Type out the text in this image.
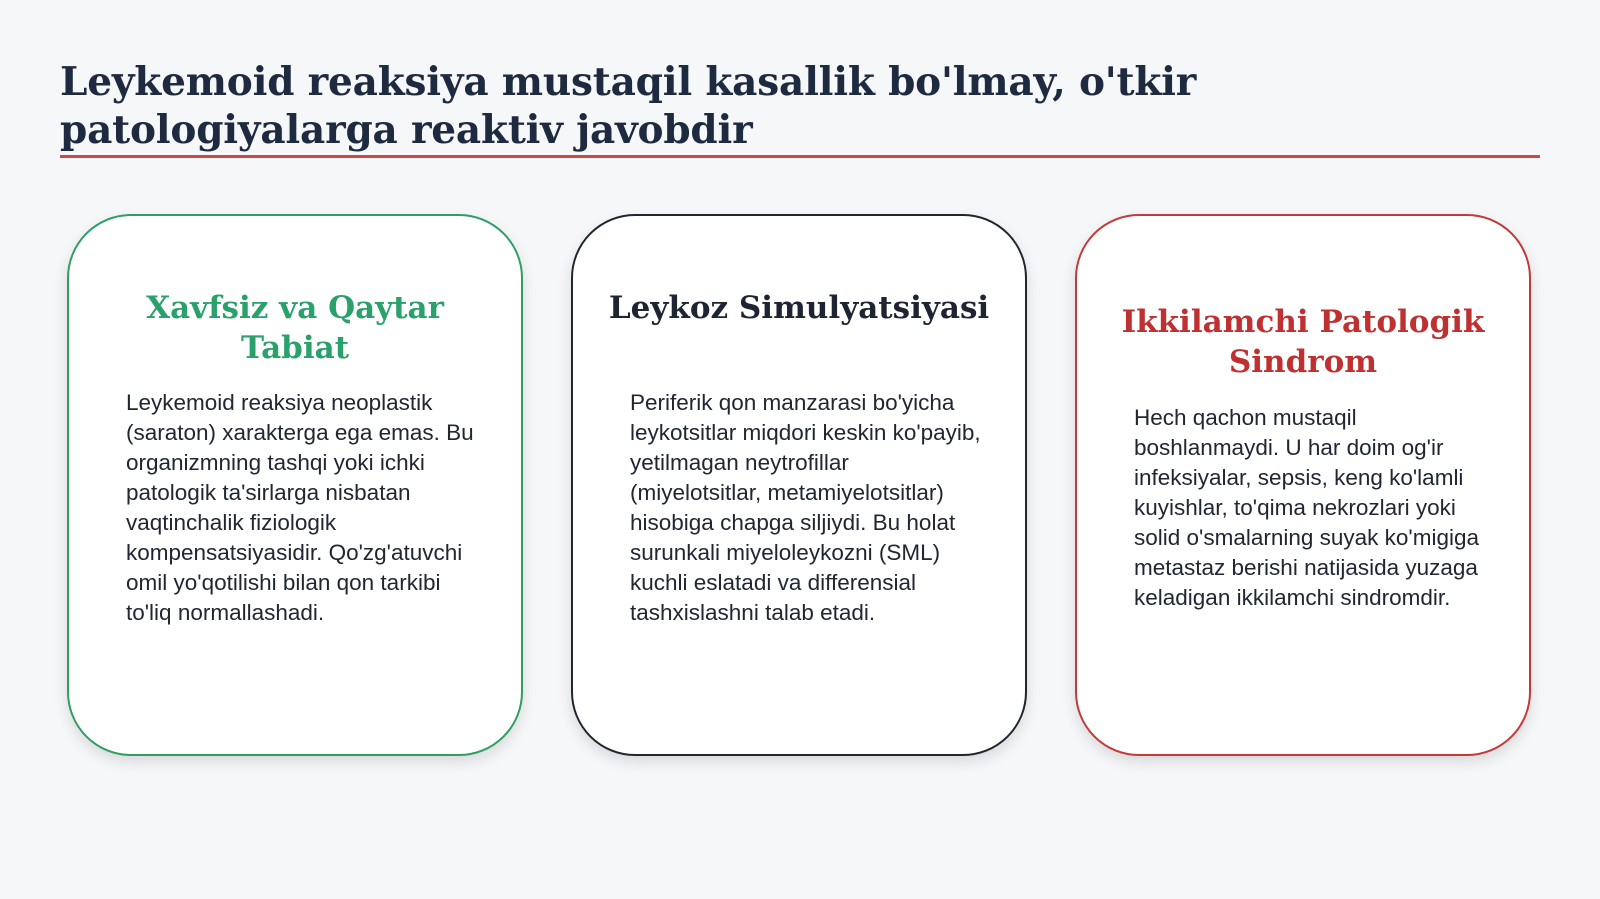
Leykemoid reaksiya mustaqil kasallik bo'lmay, o'tkir patologiyalarga reaktiv javobdir
Xavfsiz va Qaytar Tabiat

Leykemoid reaksiya neoplastik (saraton) xarakterga ega emas. Bu organizmning tashqi yoki ichki patologik ta'sirlarga nisbatan vaqtinchalik fiziologik kompensatsiyasidir. Qo'zg'atuvchi omil yo'qotilishi bilan qon tarkibi to'liq normallashadi.

Leykoz Simulyatsiyasi

Periferik qon manzarasi bo'yicha leykotsitlar miqdori keskin ko'payib, yetilmagan neytrofillar (miyelotsitlar, metamiyelotsitlar) hisobiga chapga siljiydi. Bu holat surunkali miyeloleykozni (SML) kuchli eslatadi va differensial tashxislashni talab etadi.

Ikkilamchi Patologik Sindrom

Hech qachon mustaqil boshlanmaydi. U har doim og'ir infeksiyalar, sepsis, keng ko'lamli kuyishlar, to'qima nekrozlari yoki solid o'smalarning suyak ko'migiga metastaz berishi natijasida yuzaga keladigan ikkilamchi sindromdir.
